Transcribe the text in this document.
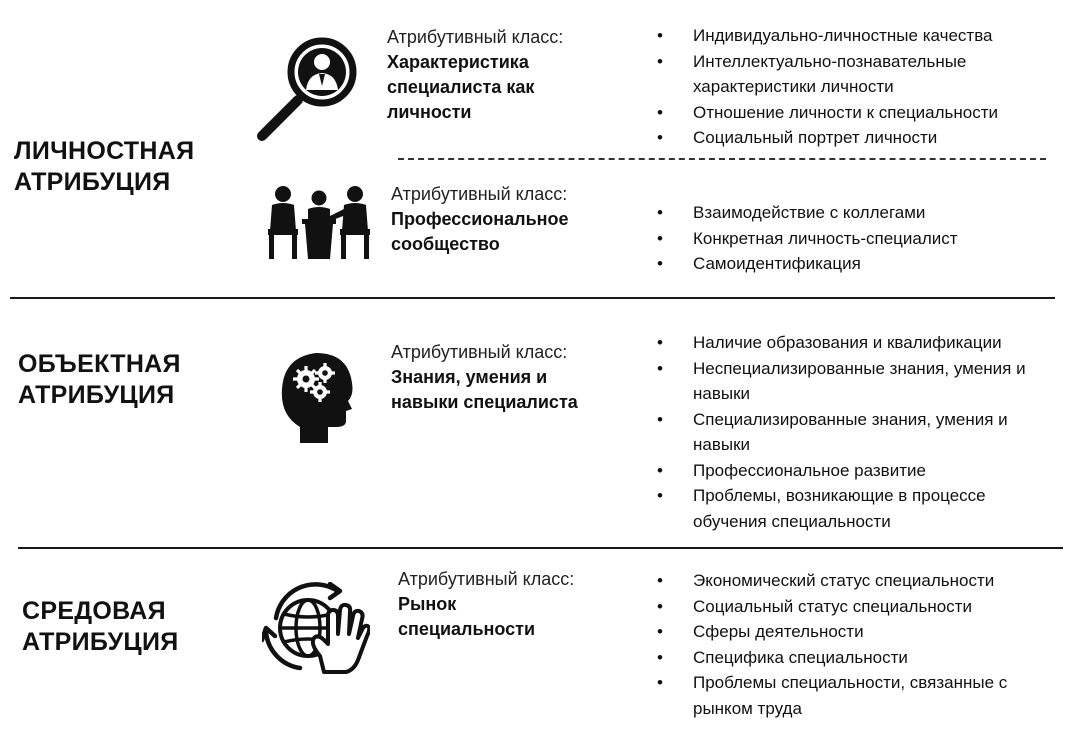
ЛИЧНОСТНАЯ
АТРИБУЦИЯ
Атрибутивный класс:
Характеристика
специалиста как
личности
• Индивидуально-личностные качества
• Интеллектуально-познавательные характеристики личности
• Отношение личности к специальности
• Социальный портрет личности
Атрибутивный класс:
Профессиональное
сообщество
• Взаимодействие с коллегами
• Конкретная личность-специалист
• Самоидентификация
ОБЪЕКТНАЯ
АТРИБУЦИЯ
Атрибутивный класс:
Знания, умения и
навыки специалиста
• Наличие образования и квалификации
• Неспециализированные знания, умения и навыки
• Специализированные знания, умения и навыки
• Профессиональное развитие
• Проблемы, возникающие в процессе обучения специальности
СРЕДОВАЯ
АТРИБУЦИЯ
Атрибутивный класс:
Рынок
специальности
• Экономический статус специальности
• Социальный статус специальности
• Сферы деятельности
• Специфика специальности
• Проблемы специальности, связанные с рынком труда
